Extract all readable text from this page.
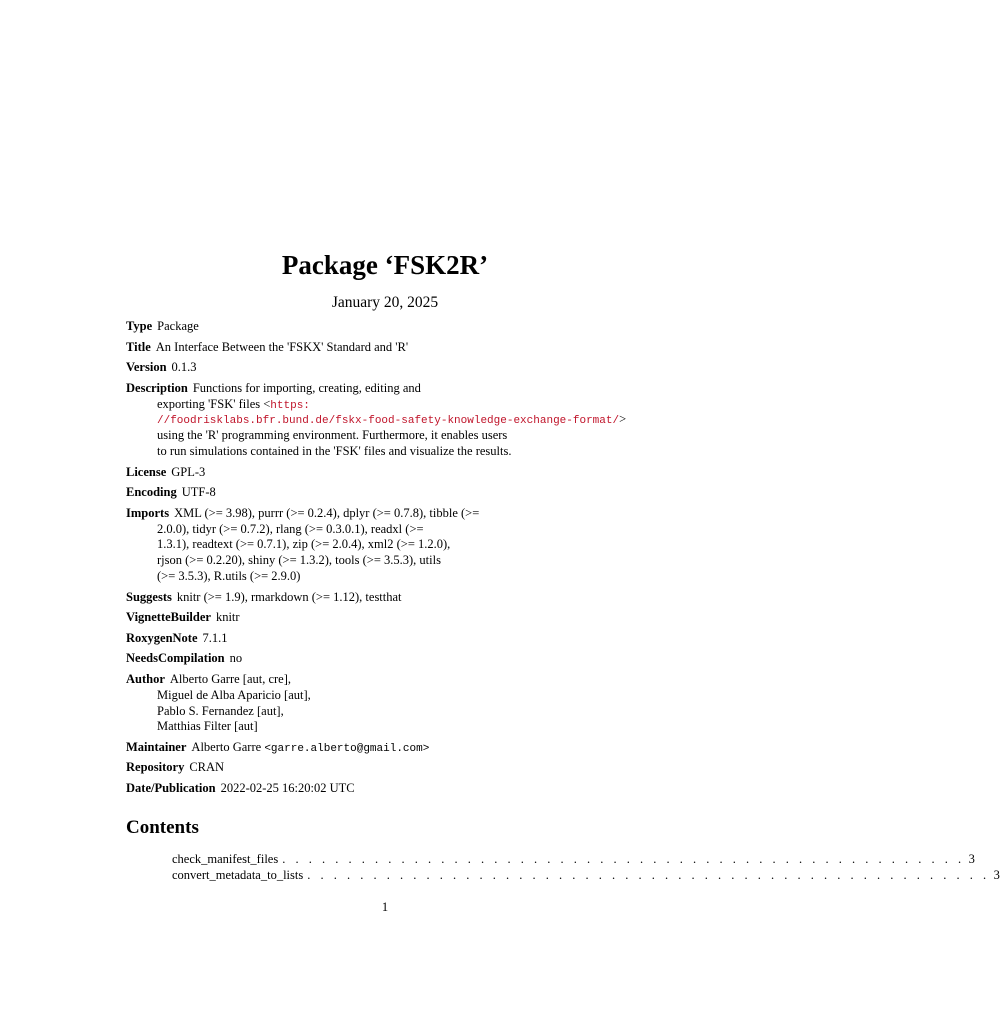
Package ‘FSK2R’
January 20, 2025
Type Package
Title An Interface Between the 'FSKX' Standard and 'R'
Version 0.1.3
Description Functions for importing, creating, editing and
exporting 'FSK' files <https:
//foodrisklabs.bfr.bund.de/fskx-food-safety-knowledge-exchange-format/>
using the 'R' programming environment. Furthermore, it enables users
to run simulations contained in the 'FSK' files and visualize the results.
License GPL-3
Encoding UTF-8
Imports XML (>= 3.98), purrr (>= 0.2.4), dplyr (>= 0.7.8), tibble (>=
2.0.0), tidyr (>= 0.7.2), rlang (>= 0.3.0.1), readxl (>=
1.3.1), readtext (>= 0.7.1), zip (>= 2.0.4), xml2 (>= 1.2.0),
rjson (>= 0.2.20), shiny (>= 1.3.2), tools (>= 3.5.3), utils
(>= 3.5.3), R.utils (>= 2.9.0)
Suggests knitr (>= 1.9), rmarkdown (>= 1.12), testthat
VignetteBuilder knitr
RoxygenNote 7.1.1
NeedsCompilation no
Author Alberto Garre [aut, cre],
Miguel de Alba Aparicio [aut],
Pablo S. Fernandez [aut],
Matthias Filter [aut]
Maintainer Alberto Garre <garre.alberto@gmail.com>
Repository CRAN
Date/Publication 2022-02-25 16:20:02 UTC
Contents
check_manifest_files . . . . . . . . . . . . . . . . . . . . . . . . . . . . . . . . . . . . . . . . . . . . . . . . . . . . 3
convert_metadata_to_lists . . . . . . . . . . . . . . . . . . . . . . . . . . . . . . . . . . . . . . . . . . . . . . . . . . . . 3
1
